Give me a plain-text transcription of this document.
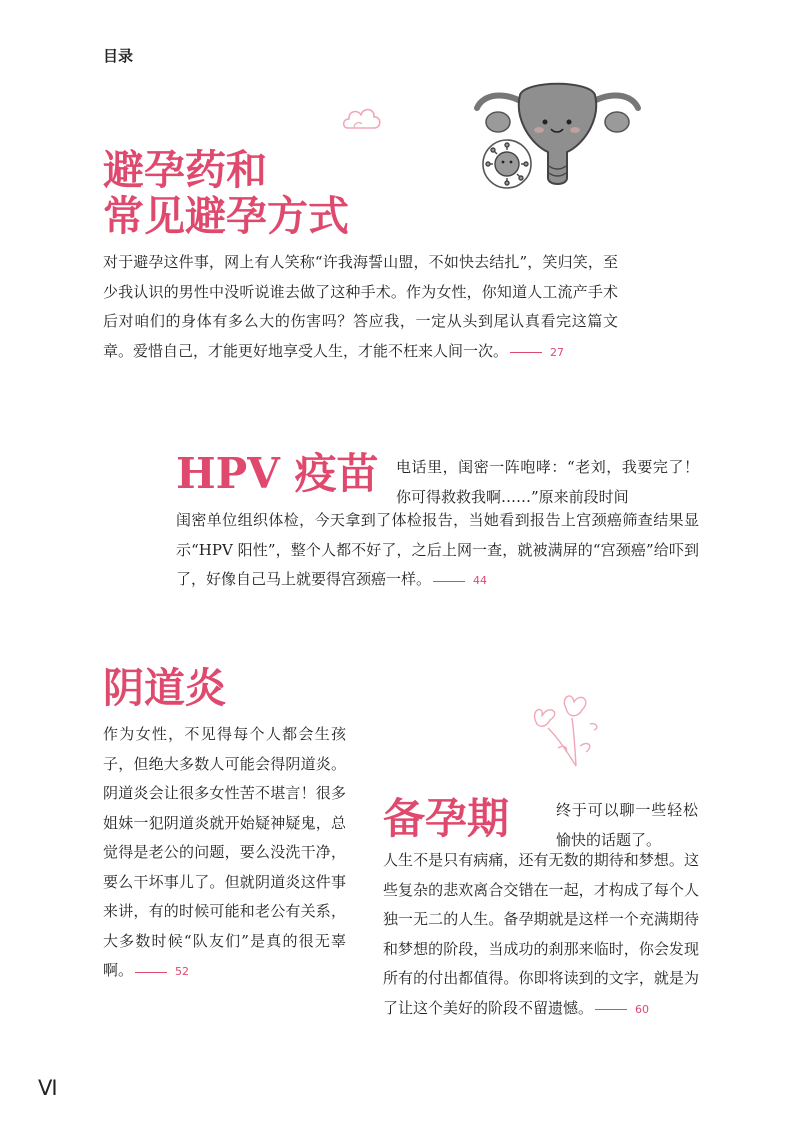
目录
避孕药和
常见避孕方式
对于避孕这件事，网上有人笑称“许我海誓山盟，不如快去结扎”，笑归笑，至少我认识的男性中没听说谁去做了这种手术。作为女性，你知道人工流产手术后对咱们的身体有多么大的伤害吗？答应我，一定从头到尾认真看完这篇文章。爱惜自己，才能更好地享受人生，才能不枉来人间一次。	27
HPV 疫苗 电话里，闺密一阵咆哮：“老刘，我要完了！你可得救救我啊……”原来前段时间
闺密单位组织体检，今天拿到了体检报告，当她看到报告上宫颈癌筛查结果显示“HPV 阳性”，整个人都不好了，之后上网一查，就被满屏的“宫颈癌”给吓到了，好像自己马上就要得宫颈癌一样。	44
阴道炎
作为女性，不见得每个人都会生孩子，但绝大多数人可能会得阴道炎。阴道炎会让很多女性苦不堪言！很多姐妹一犯阴道炎就开始疑神疑鬼，总觉得是老公的问题，要么没洗干净，要么干坏事儿了。但就阴道炎这件事来讲，有的时候可能和老公有关系，大多数时候“队友们”是真的很无辜啊。	52
备孕期	终于可以聊一些轻松愉快的话题了。
人生不是只有病痛，还有无数的期待和梦想。这些复杂的悲欢离合交错在一起，才构成了每个人独一无二的人生。备孕期就是这样一个充满期待和梦想的阶段，当成功的刹那来临时，你会发现所有的付出都值得。你即将读到的文字，就是为了让这个美好的阶段不留遗憾。	60
VI
